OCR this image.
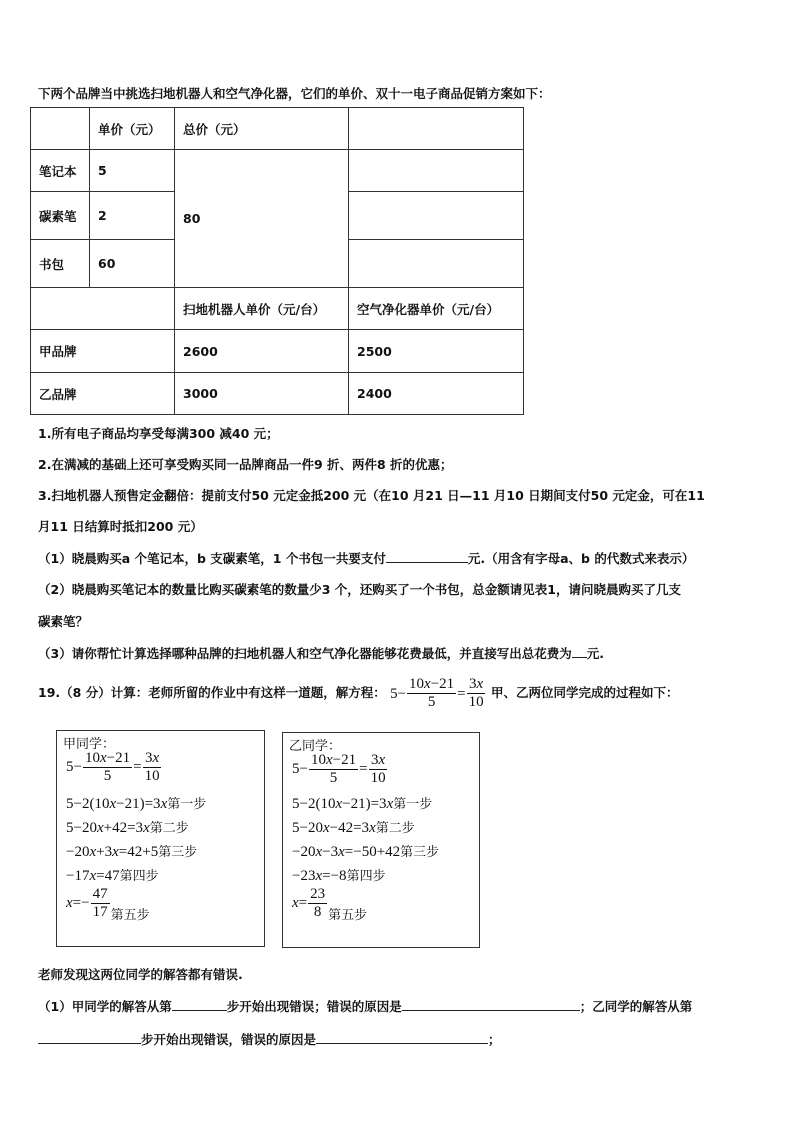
下两个品牌当中挑选扫地机器人和空气净化器，它们的单价、双十一电子商品促销方案如下：
	单价（元）	总价（元）	
笔记本	5	80	
碳素笔	2		
书包	60		
		扫地机器人单价（元/台）	空气净化器单价（元/台）
甲品牌		2600	2500
乙品牌		3000	2400
1.所有电子商品均享受每满300 减40 元；
2.在满减的基础上还可享受购买同一品牌商品一件9 折、两件8 折的优惠；
3.扫地机器人预售定金翻倍：提前支付50 元定金抵200 元（在10 月21 日—11 月10 日期间支付50 元定金，可在11
月11 日结算时抵扣200 元）
（1）晓晨购买a 个笔记本，b 支碳素笔，1 个书包一共要支付	元.（用含有字母a、b 的代数式来表示）
（2）晓晨购买笔记本的数量比购买碳素笔的数量少3 个，还购买了一个书包，总金额请见表1，请问晓晨购买了几支
碳素笔？
（3）请你帮忙计算选择哪种品牌的扫地机器人和空气净化器能够花费最低，并直接写出总花费为 元.
19.（8 分）计算：老师所留的作业中有这样一道题，解方程： $5- \frac{10x-21}{5} = \frac{3x}{10}$ 甲、乙两位同学完成的过程如下：
甲同学：
$5- \frac{10x-21}{5} = \frac{3x}{10}$
5−2(10x−21)=3x第一步
5−20x+42=3x第二步
−20x+3x=42+5第三步
−17x=47第四步
$x=- \frac{47}{17}$ 第五步
乙同学：
$5- \frac{10x-21}{5} = \frac{3x}{10}$
5−2(10x−21)=3x第一步
5−20x−42=3x第二步
−20x−3x=−50+42第三步
−23x=−8第四步
$x= \frac{23}{8}$ 第五步
老师发现这两位同学的解答都有错误.
（1）甲同学的解答从第	步开始出现错误；错误的原因是	；乙同学的解答从第
步开始出现错误，错误的原因是	；
